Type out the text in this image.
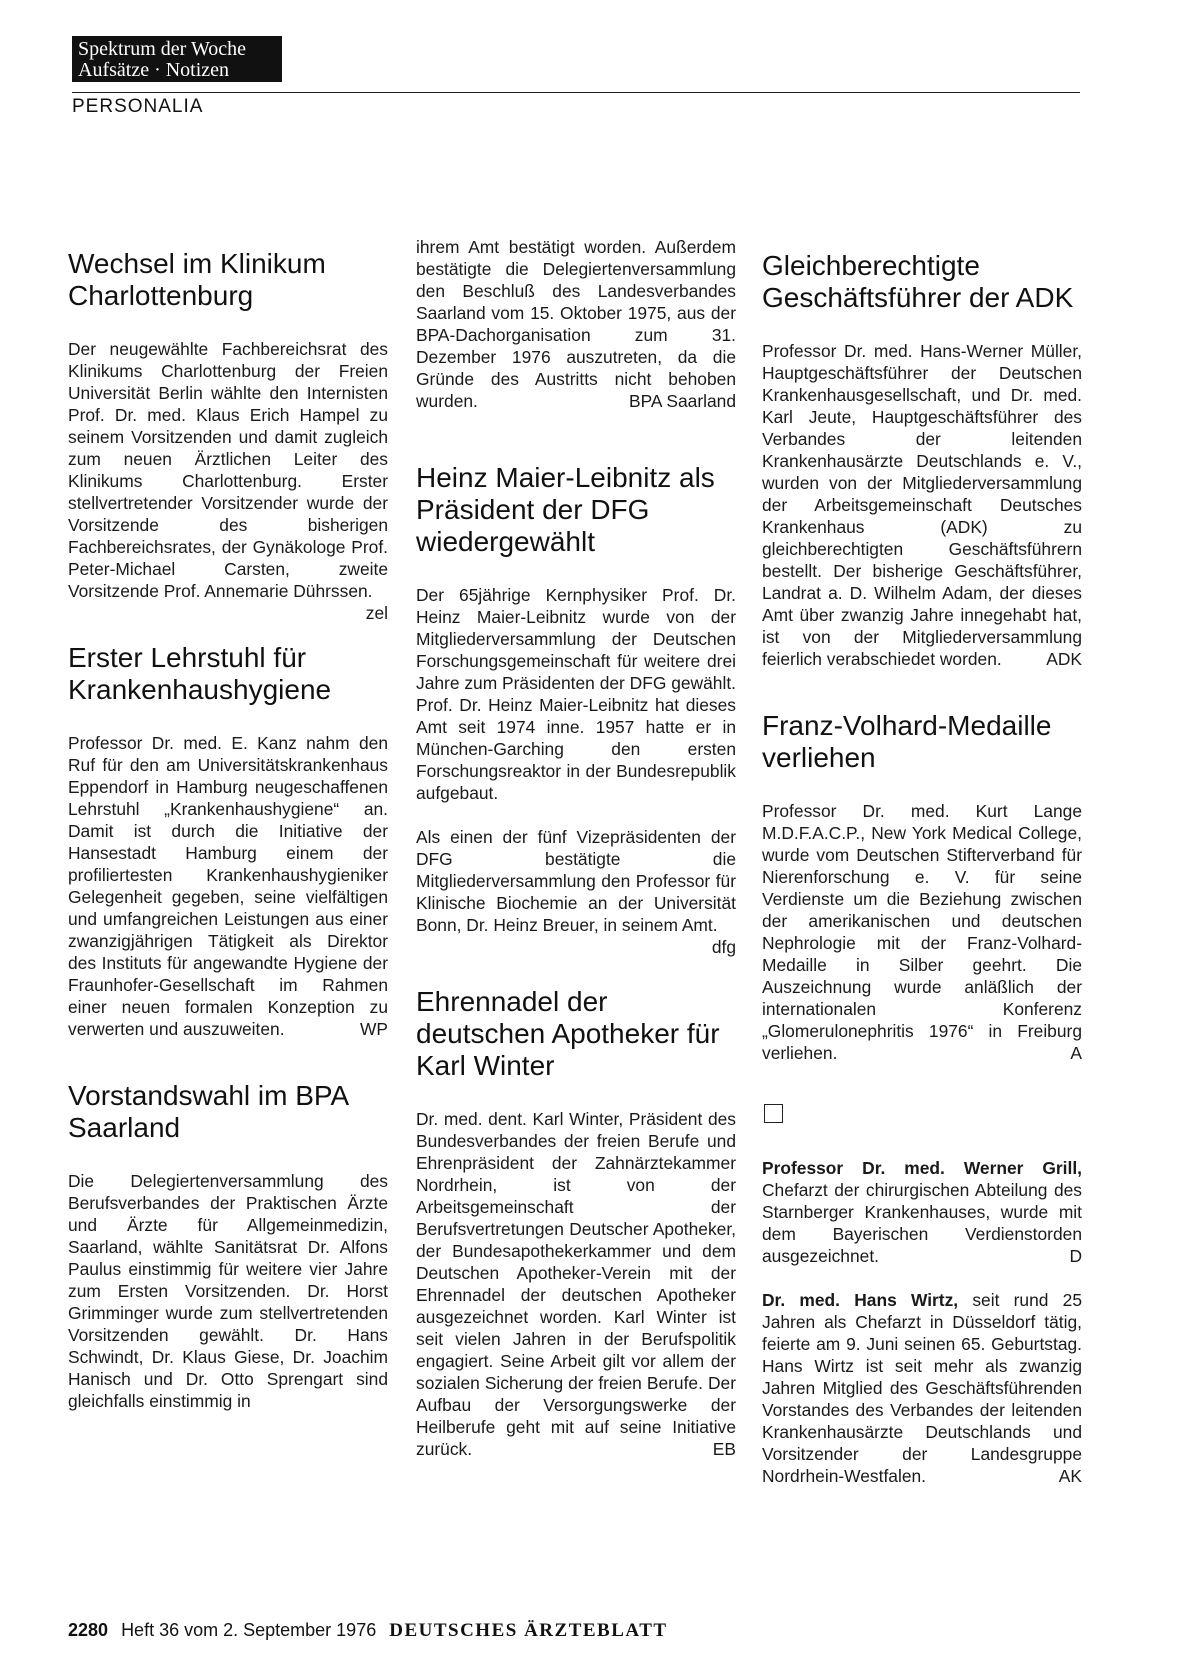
Spektrum der Woche
Aufsätze · Notizen
PERSONALIA
Wechsel im Klinikum Charlottenburg

Der neugewählte Fachbereichsrat des Klinikums Charlottenburg der Freien Universität Berlin wählte den Internisten Prof. Dr. med. Klaus Erich Hampel zu seinem Vorsitzenden und damit zugleich zum neuen Ärztlichen Leiter des Klinikums Charlottenburg. Erster stellvertretender Vorsitzender wurde der Vorsitzende des bisherigen Fachbereichsrates, der Gynäkologe Prof. Peter-Michael Carsten, zweite Vorsitzende Prof. Annemarie Dührssen.
zel

Erster Lehrstuhl für Krankenhaushygiene

Professor Dr. med. E. Kanz nahm den Ruf für den am Universitätskrankenhaus Eppendorf in Hamburg neugeschaffenen Lehrstuhl „Krankenhaushygiene“ an. Damit ist durch die Initiative der Hansestadt Hamburg einem der profiliertesten Krankenhaushygieniker Gelegenheit gegeben, seine vielfältigen und umfangreichen Leistungen aus einer zwanzigjährigen Tätigkeit als Direktor des Instituts für angewandte Hygiene der Fraunhofer-Gesellschaft im Rahmen einer neuen formalen Konzeption zu verwerten und auszuweiten.	WP

Vorstandswahl im BPA Saarland

Die Delegiertenversammlung des Berufsverbandes der Praktischen Ärzte und Ärzte für Allgemeinmedizin, Saarland, wählte Sanitätsrat Dr. Alfons Paulus einstimmig für weitere vier Jahre zum Ersten Vorsitzenden. Dr. Horst Grimminger wurde zum stellvertretenden Vorsitzenden gewählt. Dr. Hans Schwindt, Dr. Klaus Giese, Dr. Joachim Hanisch und Dr. Otto Sprengart sind gleichfalls einstimmig in

ihrem Amt bestätigt worden. Außerdem bestätigte die Delegiertenversammlung den Beschluß des Landesverbandes Saarland vom 15. Oktober 1975, aus der BPA-Dachorganisation zum 31. Dezember 1976 auszutreten, da die Gründe des Austritts nicht behoben wurden.	BPA Saarland

Heinz Maier-Leibnitz als Präsident der DFG wiedergewählt

Der 65jährige Kernphysiker Prof. Dr. Heinz Maier-Leibnitz wurde von der Mitgliederversammlung der Deutschen Forschungsgemeinschaft für weitere drei Jahre zum Präsidenten der DFG gewählt. Prof. Dr. Heinz Maier-Leibnitz hat dieses Amt seit 1974 inne. 1957 hatte er in München-Garching den ersten Forschungsreaktor in der Bundesrepublik aufgebaut.

Als einen der fünf Vizepräsidenten der DFG bestätigte die Mitgliederversammlung den Professor für Klinische Biochemie an der Universität Bonn, Dr. Heinz Breuer, in seinem Amt.
dfg

Ehrennadel der deutschen Apotheker für Karl Winter

Dr. med. dent. Karl Winter, Präsident des Bundesverbandes der freien Berufe und Ehrenpräsident der Zahnärztekammer Nordrhein, ist von der Arbeitsgemeinschaft der Berufsvertretungen Deutscher Apotheker, der Bundesapothekerkammer und dem Deutschen Apotheker-Verein mit der Ehrennadel der deutschen Apotheker ausgezeichnet worden. Karl Winter ist seit vielen Jahren in der Berufspolitik engagiert. Seine Arbeit gilt vor allem der sozialen Sicherung der freien Berufe. Der Aufbau der Versorgungswerke der Heilberufe geht mit auf seine Initiative zurück.	EB

Gleichberechtigte Geschäftsführer der ADK

Professor Dr. med. Hans-Werner Müller, Hauptgeschäftsführer der Deutschen Krankenhausgesellschaft, und Dr. med. Karl Jeute, Hauptgeschäftsführer des Verbandes der leitenden Krankenhausärzte Deutschlands e. V., wurden von der Mitgliederversammlung der Arbeitsgemeinschaft Deutsches Krankenhaus (ADK) zu gleichberechtigten Geschäftsführern bestellt. Der bisherige Geschäftsführer, Landrat a. D. Wilhelm Adam, der dieses Amt über zwanzig Jahre innegehabt hat, ist von der Mitgliederversammlung feierlich verabschiedet worden.	ADK

Franz-Volhard-Medaille verliehen

Professor Dr. med. Kurt Lange M.D.F.A.C.P., New York Medical College, wurde vom Deutschen Stifterverband für Nierenforschung e. V. für seine Verdienste um die Beziehung zwischen der amerikanischen und deutschen Nephrologie mit der Franz-Volhard-Medaille in Silber geehrt. Die Auszeichnung wurde anläßlich der internationalen Konferenz „Glomerulonephritis 1976“ in Freiburg verliehen.	A

Professor Dr. med. Werner Grill, Chefarzt der chirurgischen Abteilung des Starnberger Krankenhauses, wurde mit dem Bayerischen Verdienstorden ausgezeichnet.	D

Dr. med. Hans Wirtz, seit rund 25 Jahren als Chefarzt in Düsseldorf tätig, feierte am 9. Juni seinen 65. Geburtstag. Hans Wirtz ist seit mehr als zwanzig Jahren Mitglied des Geschäftsführenden Vorstandes des Verbandes der leitenden Krankenhausärzte Deutschlands und Vorsitzender der Landesgruppe Nordrhein-Westfalen.	AK

2280 Heft 36 vom 2. September 1976 DEUTSCHES ÄRZTEBLATT
